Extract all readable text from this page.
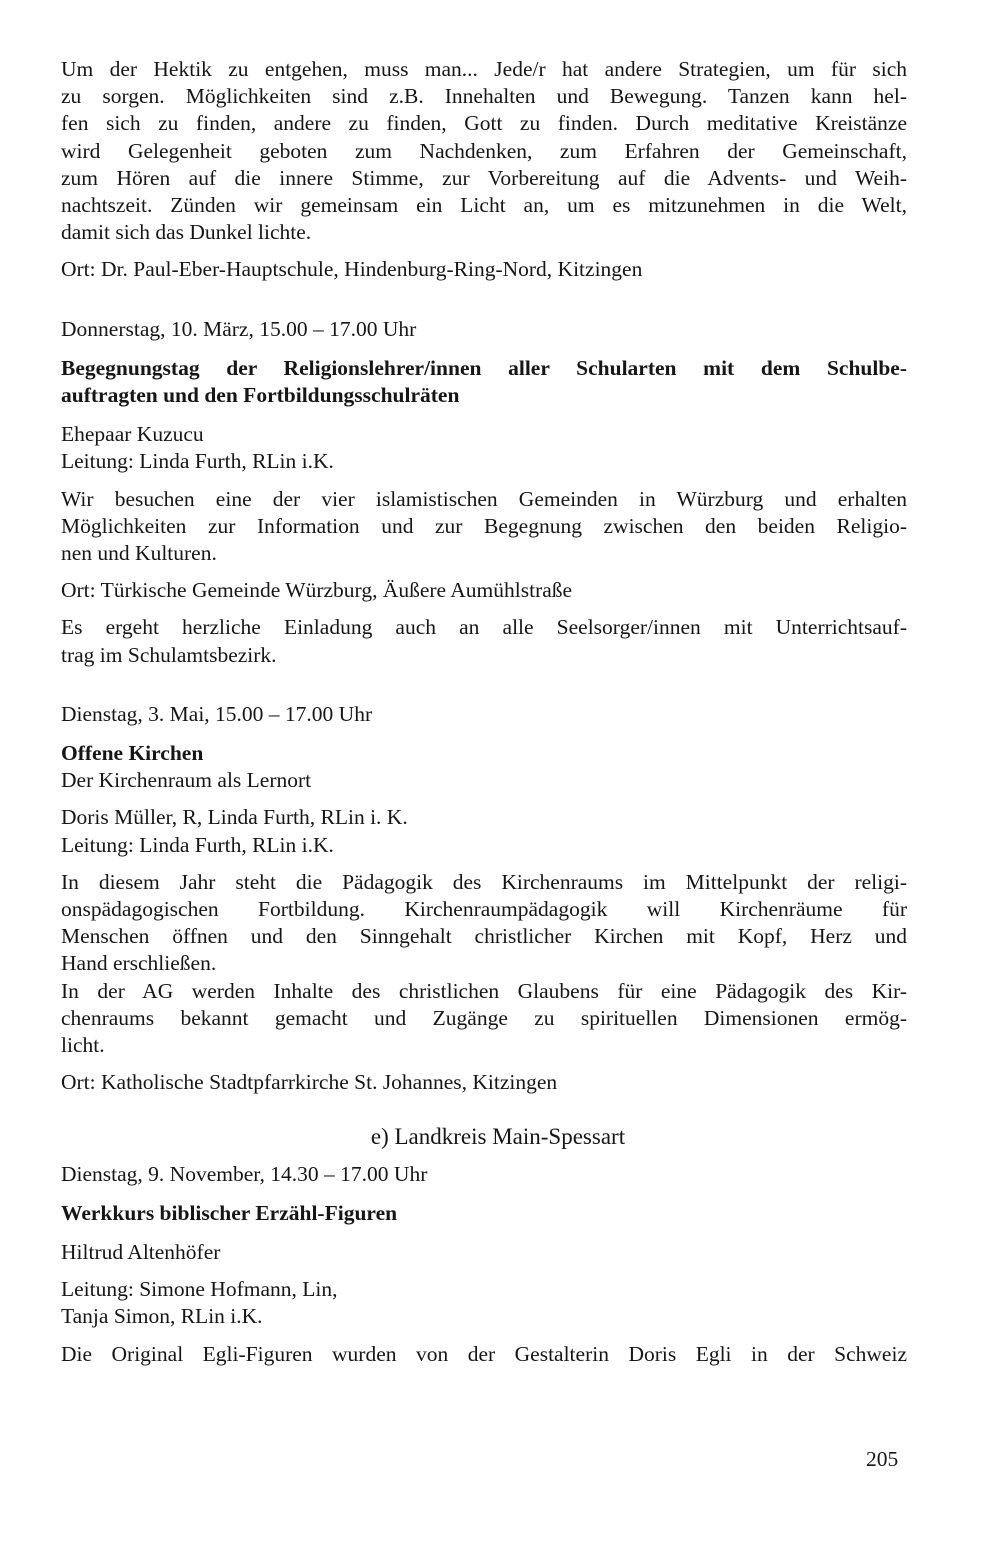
Um der Hektik zu entgehen, muss man... Jede/r hat andere Strategien, um für sich
zu sorgen. Möglichkeiten sind z.B. Innehalten und Bewegung. Tanzen kann hel-
fen sich zu finden, andere zu finden, Gott zu finden. Durch meditative Kreistänze
wird Gelegenheit geboten zum Nachdenken, zum Erfahren der Gemeinschaft,
zum Hören auf die innere Stimme, zur Vorbereitung auf die Advents- und Weih-
nachtszeit. Zünden wir gemeinsam ein Licht an, um es mitzunehmen in die Welt,
damit sich das Dunkel lichte.
Ort: Dr. Paul-Eber-Hauptschule, Hindenburg-Ring-Nord, Kitzingen
Donnerstag, 10. März, 15.00 – 17.00 Uhr
Begegnungstag der Religionslehrer/innen aller Schularten mit dem Schulbe-
auftragten und den Fortbildungsschulräten
Ehepaar Kuzucu
Leitung: Linda Furth, RLin i.K.
Wir besuchen eine der vier islamistischen Gemeinden in Würzburg und erhalten
Möglichkeiten zur Information und zur Begegnung zwischen den beiden Religio-
nen und Kulturen.
Ort: Türkische Gemeinde Würzburg, Äußere Aumühlstraße
Es ergeht herzliche Einladung auch an alle Seelsorger/innen mit Unterrichtsauf-
trag im Schulamtsbezirk.
Dienstag, 3. Mai, 15.00 – 17.00 Uhr
Offene Kirchen
Der Kirchenraum als Lernort
Doris Müller, R, Linda Furth, RLin i. K.
Leitung: Linda Furth, RLin i.K.
In diesem Jahr steht die Pädagogik des Kirchenraums im Mittelpunkt der religi-
onspädagogischen Fortbildung. Kirchenraumpädagogik will Kirchenräume für
Menschen öffnen und den Sinngehalt christlicher Kirchen mit Kopf, Herz und
Hand erschließen.
In der AG werden Inhalte des christlichen Glaubens für eine Pädagogik des Kir-
chenraums bekannt gemacht und Zugänge zu spirituellen Dimensionen ermög-
licht.
Ort: Katholische Stadtpfarrkirche St. Johannes, Kitzingen
e) Landkreis Main-Spessart
Dienstag, 9. November, 14.30 – 17.00 Uhr
Werkkurs biblischer Erzähl-Figuren
Hiltrud Altenhöfer
Leitung: Simone Hofmann, Lin,
Tanja Simon, RLin i.K.
Die Original Egli-Figuren wurden von der Gestalterin Doris Egli in der Schweiz
205
